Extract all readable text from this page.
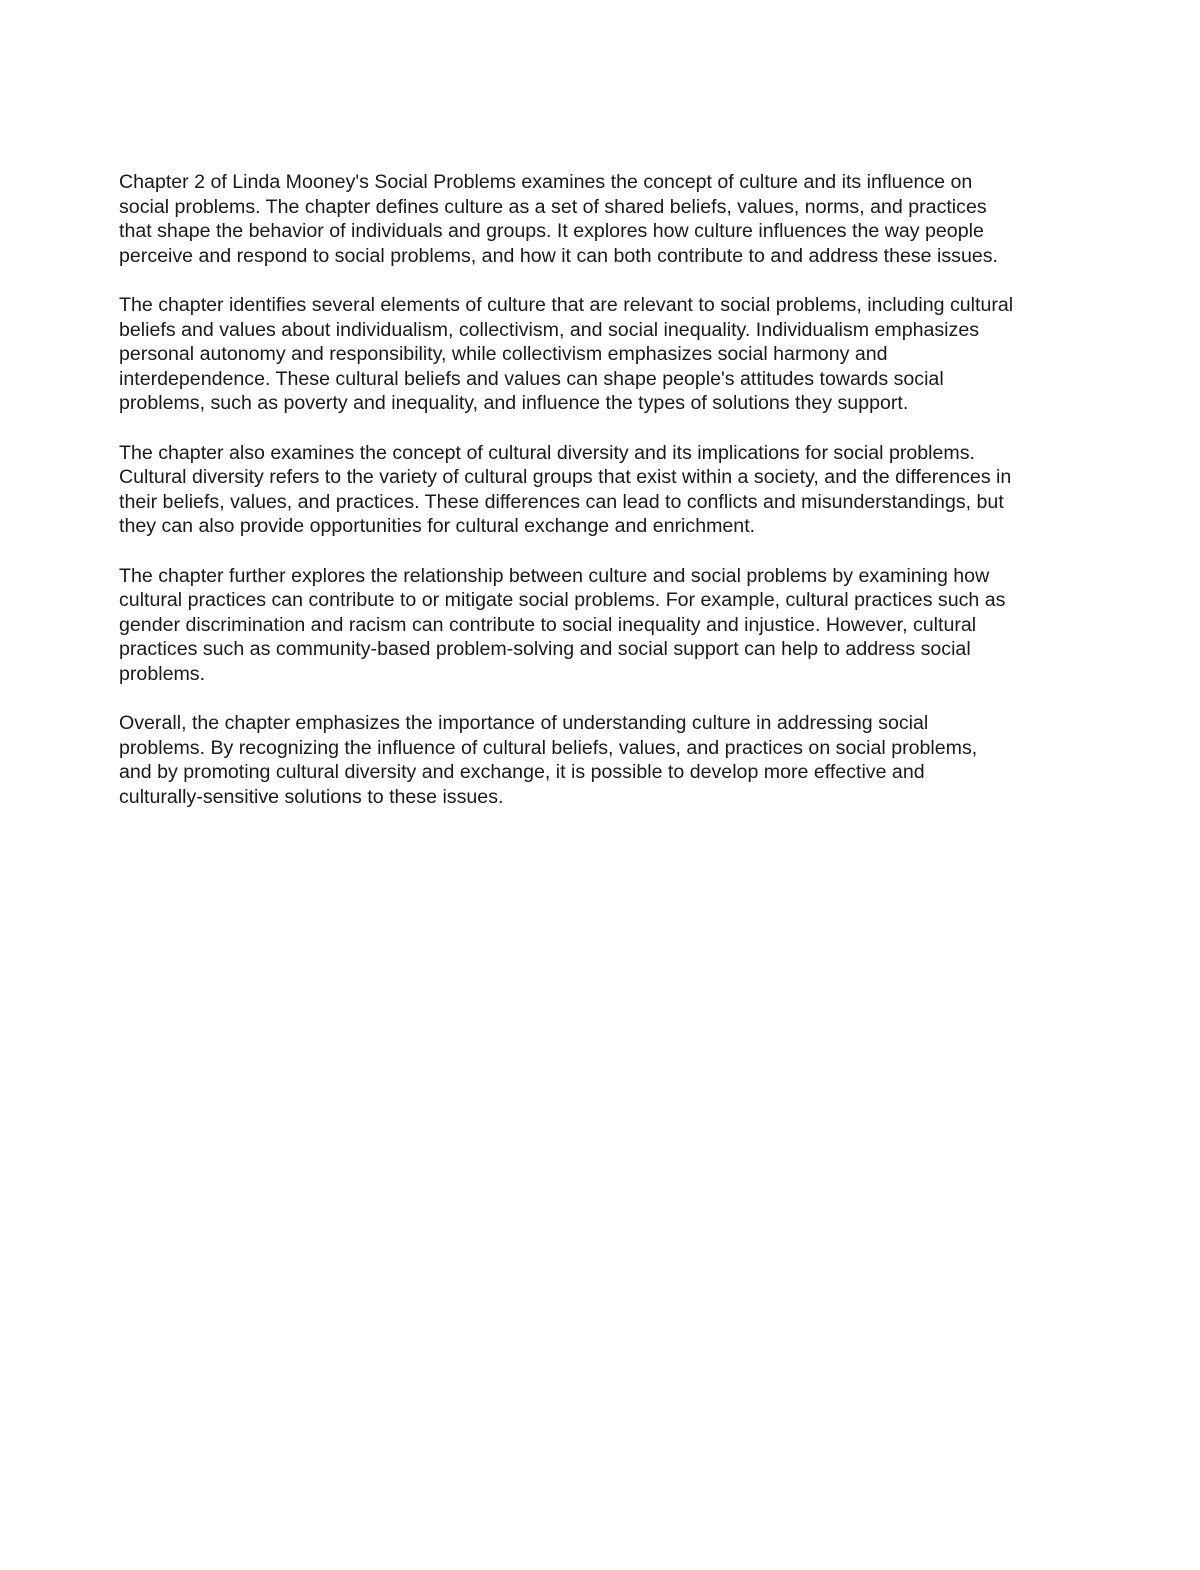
Chapter 2 of Linda Mooney's Social Problems examines the concept of culture and its influence on
social problems. The chapter defines culture as a set of shared beliefs, values, norms, and practices
that shape the behavior of individuals and groups. It explores how culture influences the way people
perceive and respond to social problems, and how it can both contribute to and address these issues.

The chapter identifies several elements of culture that are relevant to social problems, including cultural
beliefs and values about individualism, collectivism, and social inequality. Individualism emphasizes
personal autonomy and responsibility, while collectivism emphasizes social harmony and
interdependence. These cultural beliefs and values can shape people's attitudes towards social
problems, such as poverty and inequality, and influence the types of solutions they support.

The chapter also examines the concept of cultural diversity and its implications for social problems.
Cultural diversity refers to the variety of cultural groups that exist within a society, and the differences in
their beliefs, values, and practices. These differences can lead to conflicts and misunderstandings, but
they can also provide opportunities for cultural exchange and enrichment.

The chapter further explores the relationship between culture and social problems by examining how
cultural practices can contribute to or mitigate social problems. For example, cultural practices such as
gender discrimination and racism can contribute to social inequality and injustice. However, cultural
practices such as community-based problem-solving and social support can help to address social
problems.

Overall, the chapter emphasizes the importance of understanding culture in addressing social
problems. By recognizing the influence of cultural beliefs, values, and practices on social problems,
and by promoting cultural diversity and exchange, it is possible to develop more effective and
culturally-sensitive solutions to these issues.
